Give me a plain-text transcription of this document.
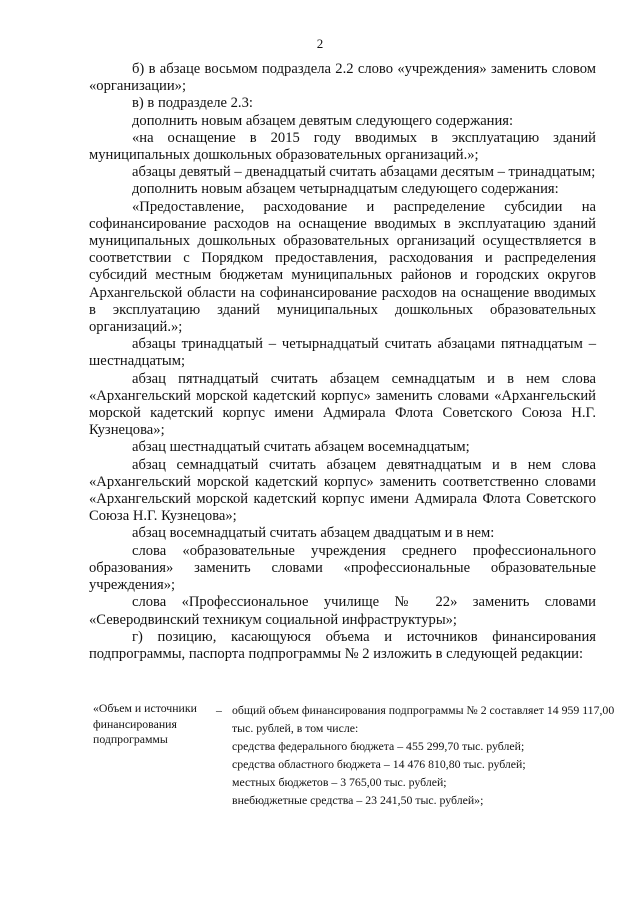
2

б) в абзаце восьмом подраздела 2.2 слово «учреждения» заменить словом «организации»;

в) в подразделе 2.3:

дополнить новым абзацем девятым следующего содержания:

«на оснащение в 2015 году вводимых в эксплуатацию зданий муниципальных дошкольных образовательных организаций.»;

абзацы девятый – двенадцатый считать абзацами десятым – тринадцатым;

дополнить новым абзацем четырнадцатым следующего содержания:

«Предоставление, расходование и распределение субсидии на софинансирование расходов на оснащение вводимых в эксплуатацию зданий муниципальных дошкольных образовательных организаций осуществляется в соответствии с Порядком предоставления, расходования и распределения субсидий местным бюджетам муниципальных районов и городских округов Архангельской области на софинансирование расходов на оснащение вводимых в эксплуатацию зданий муниципальных дошкольных образовательных организаций.»;

абзацы тринадцатый – четырнадцатый считать абзацами пятнадцатым – шестнадцатым;

абзац пятнадцатый считать абзацем семнадцатым и в нем слова «Архангельский морской кадетский корпус» заменить словами «Архангельский морской кадетский корпус имени Адмирала Флота Советского Союза Н.Г. Кузнецова»;

абзац шестнадцатый считать абзацем восемнадцатым;

абзац семнадцатый считать абзацем девятнадцатым и в нем слова «Архангельский морской кадетский корпус» заменить соответственно словами «Архангельский морской кадетский корпус имени Адмирала Флота Советского Союза Н.Г. Кузнецова»;

абзац восемнадцатый считать абзацем двадцатым и в нем:

слова «образовательные учреждения среднего профессионального образования» заменить словами «профессиональные образовательные учреждения»;

слова «Профессиональное училище № 22» заменить словами «Северодвинский техникум социальной инфраструктуры»;

г) позицию, касающуюся объема и источников финансирования подпрограммы, паспорта подпрограммы № 2 изложить в следующей редакции:

«Объем и источники финансирования подпрограммы
– общий объем финансирования подпрограммы № 2 составляет 14 959 117,00 тыс. рублей, в том числе:

средства федерального бюджета – 455 299,70 тыс. рублей;

средства областного бюджета – 14 476 810,80 тыс. рублей;

местных бюджетов – 3 765,00 тыс. рублей;

внебюджетные средства – 23 241,50 тыс. рублей»;
